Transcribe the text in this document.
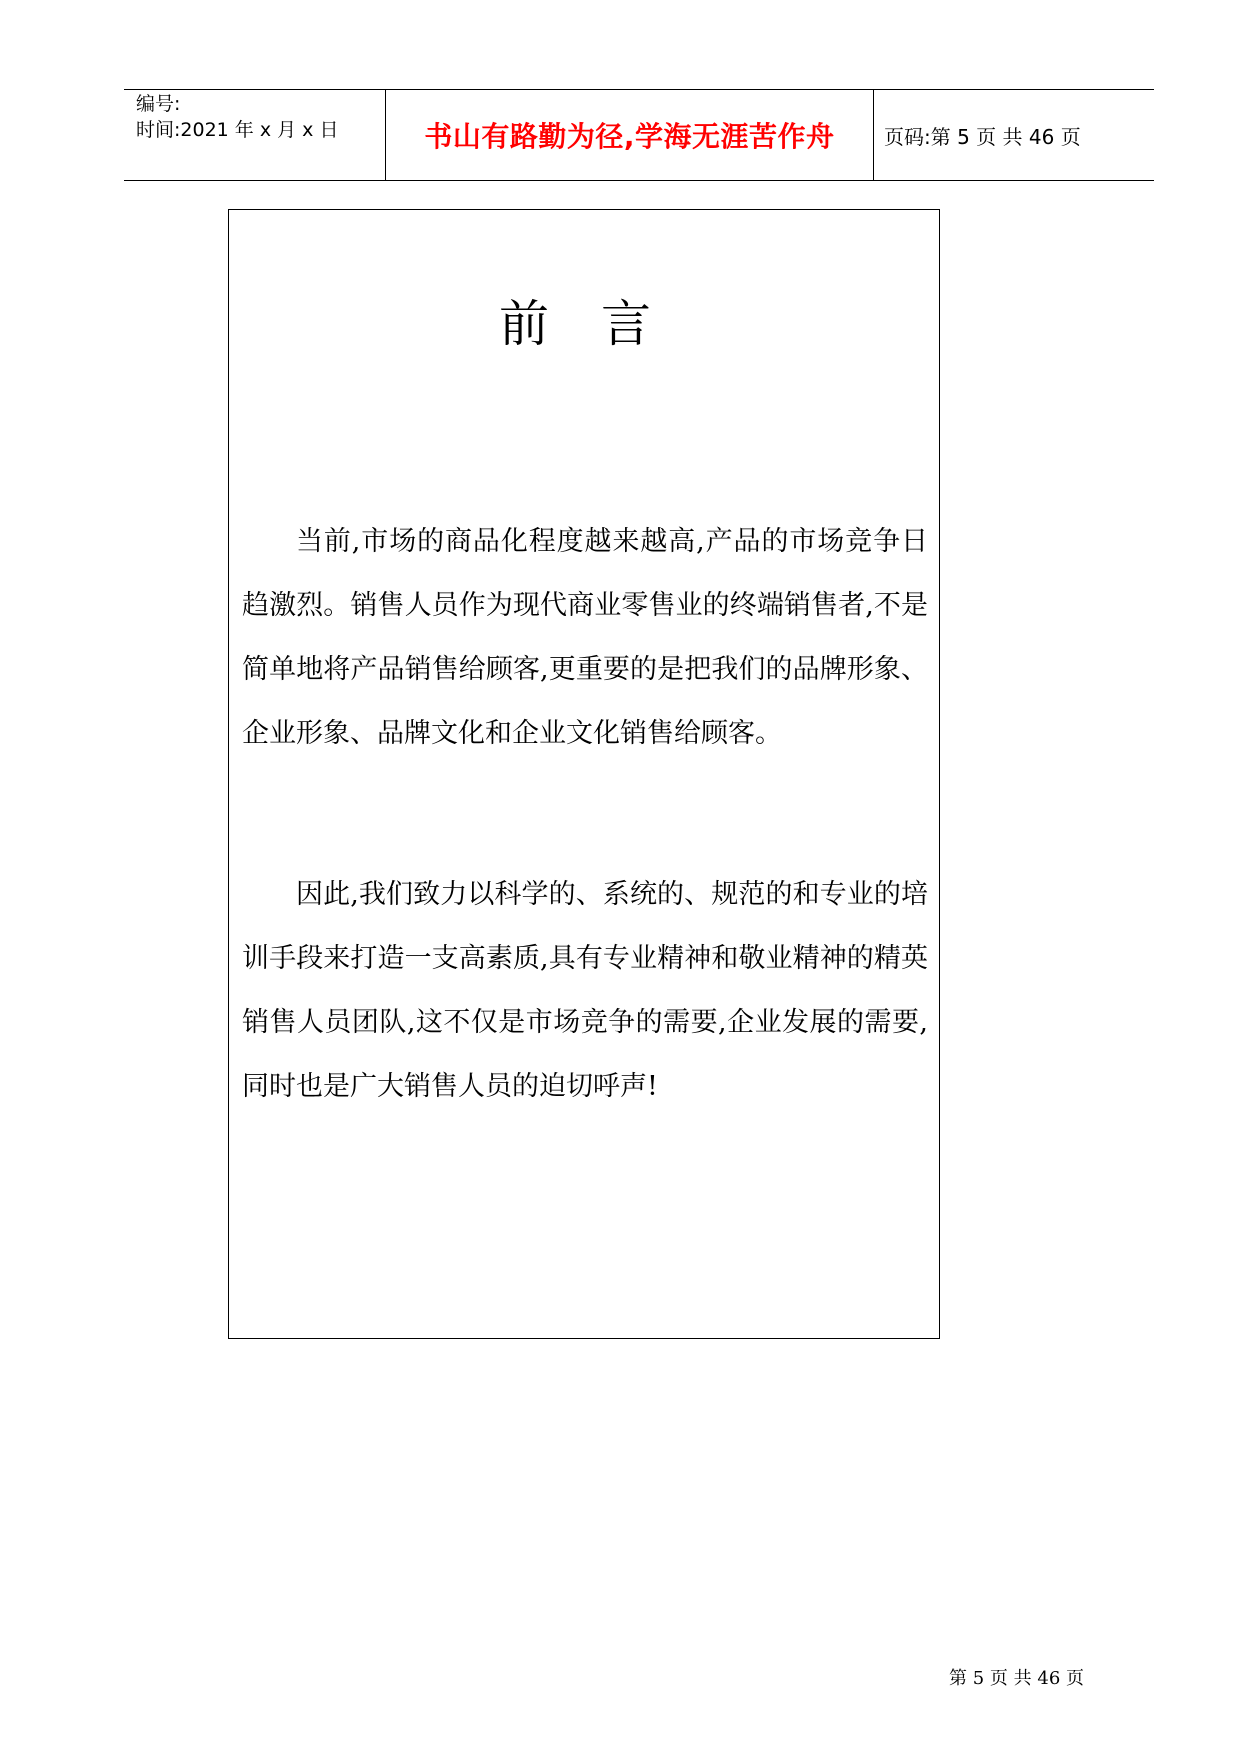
编号:
时间:2021 年 x 月 x 日	书山有路勤为径,学海无涯苦作舟 页码:第 5 页 共 46 页
前 言

当前,市场的商品化程度越来越高,产品的市场竞争日趋激烈。销售人员作为现代商业零售业的终端销售者,不是简单地将产品销售给顾客,更重要的是把我们的品牌形象、企业形象、品牌文化和企业文化销售给顾客。

因此,我们致力以科学的、系统的、规范的和专业的培训手段来打造一支高素质,具有专业精神和敬业精神的精英销售人员团队,这不仅是市场竞争的需要,企业发展的需要,同时也是广大销售人员的迫切呼声!

第 5 页 共 46 页
